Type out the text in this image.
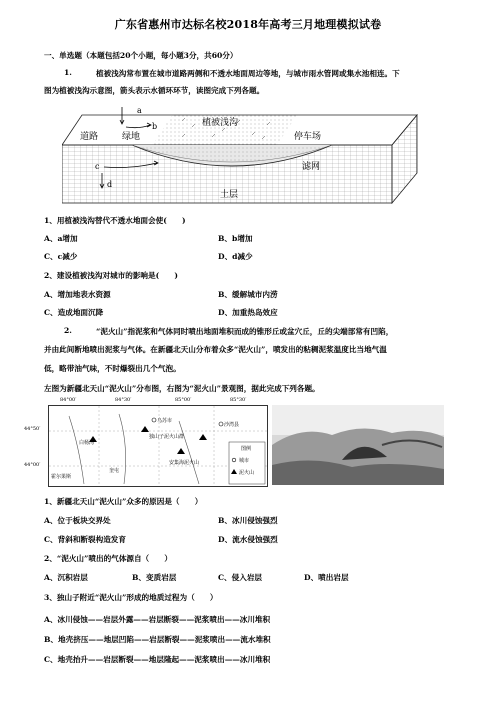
广东省惠州市达标名校2018年高考三月地理模拟试卷
一、单选题（本题包括20个小题，每小题3分，共60分）
1.	植被浅沟常布置在城市道路两侧和不透水地面周边等地，与城市雨水管网或集水池相连。下
图为植被浅沟示意图，箭头表示水循环环节，读图完成下列各题。
a
b
c
d
道路	绿地
植被浅沟
停车场
滤网
土层
1、用植被浅沟替代不透水地面会使(　　)
A、a增加	B、b增加
C、c减少	D、d减少
2、建设植被浅沟对城市的影响是(　　)
A、增加地表水资源	B、缓解城市内涝
C、造成地面沉降	D、加重热岛效应
2.	“泥火山”指泥浆和气体同时喷出地面堆积而成的锥形丘或盆穴丘，丘的尖端部常有凹陷，
并由此间断地喷出泥浆与气体。在新疆北天山分布着众多“泥火山”，喷发出的粘稠泥浆温度比当地气温
低，略带油气味，不时爆裂出几个气泡。
左图为新疆北天山“泥火山”分布图，右图为“泥火山”景观图，据此完成下列各题。
乌苏市
沙湾县
白杨沟
独山子泥火山群
安集海泥火山
霍尔果斯
奎屯
图例
城市
泥火山
84°00′	84°30′	85°00′	85°30′
44°50′
44°00′
1、新疆北天山“泥火山”众多的原因是（　　）
A、位于板块交界处	B、冰川侵蚀强烈
C、背斜和断裂构造发育	D、流水侵蚀强烈
2、“泥火山”喷出的气体源自（　　）
A、沉积岩层	B、变质岩层	C、侵入岩层	D、喷出岩层
3、独山子附近“泥火山”形成的地质过程为（　　）
A、冰川侵蚀——岩层外露——岩层断裂——泥浆喷出——冰川堆积
B、地壳挤压——地层凹陷——岩层断裂——泥浆喷出——流水堆积
C、地壳抬升——岩层断裂——地层隆起——泥浆喷出——冰川堆积
